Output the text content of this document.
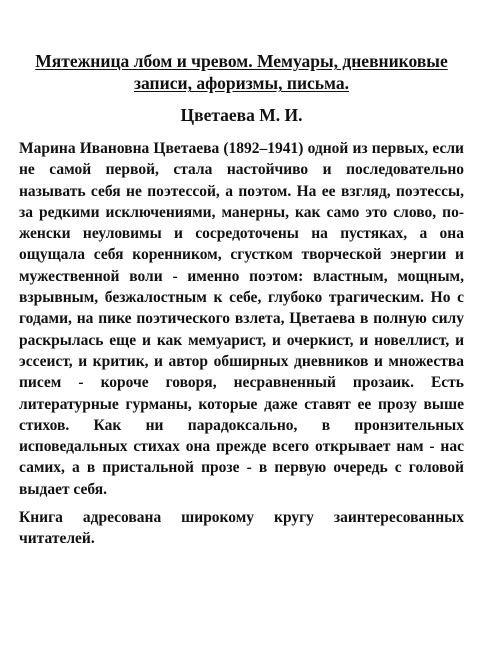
Мятежница лбом и чревом. Мемуары, дневниковые записи, афоризмы, письма.
Цветаева М. И.

Марина Ивановна Цветаева (1892–1941) одной из первых, если не самой первой, стала настойчиво и последовательно называть себя не поэтессой, а поэтом. На ее взгляд, поэтессы, за редкими исключениями, манерны, как само это слово, по-женски неуловимы и сосредоточены на пустяках, а она ощущала себя коренником, сгустком творческой энергии и мужественной воли - именно поэтом: властным, мощным, взрывным, безжалостным к себе, глубоко трагическим. Но с годами, на пике поэтического взлета, Цветаева в полную силу раскрылась еще и как мемуарист, и очеркист, и новеллист, и эссеист, и критик, и автор обширных дневников и множества писем - короче говоря, несравненный прозаик. Есть литературные гурманы, которые даже ставят ее прозу выше стихов. Как ни парадоксально, в пронзительных исповедальных стихах она прежде всего открывает нам - нас самих, а в пристальной прозе - в первую очередь с головой выдает себя.

Книга адресована широкому кругу заинтересованных читателей.
